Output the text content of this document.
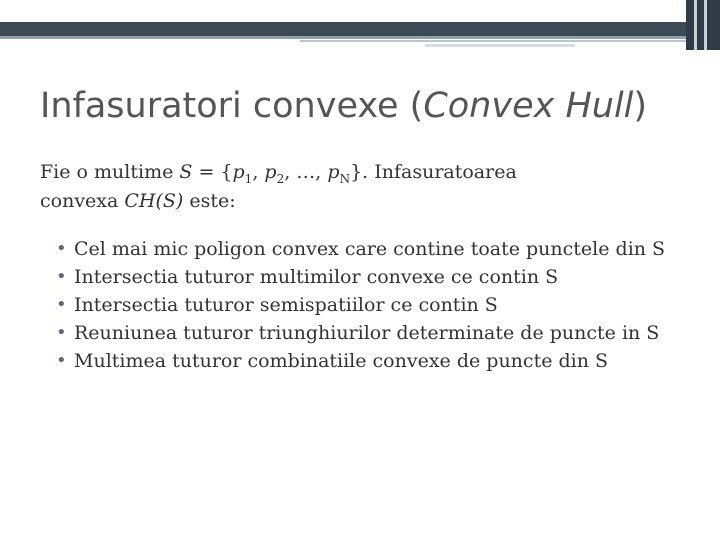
Infasuratori convexe (Convex Hull)

Fie o multime $S = \{p_1$, $p_2$, …, $p_N$}. Infasuratoarea
convexa CH(S) este:

• Cel mai mic poligon convex care contine toate punctele din S
• Intersectia tuturor multimilor convexe ce contin S
• Intersectia tuturor semispatiilor ce contin S
• Reuniunea tuturor triunghiurilor determinate de puncte in S
• Multimea tuturor combinatiile convexe de puncte din S
